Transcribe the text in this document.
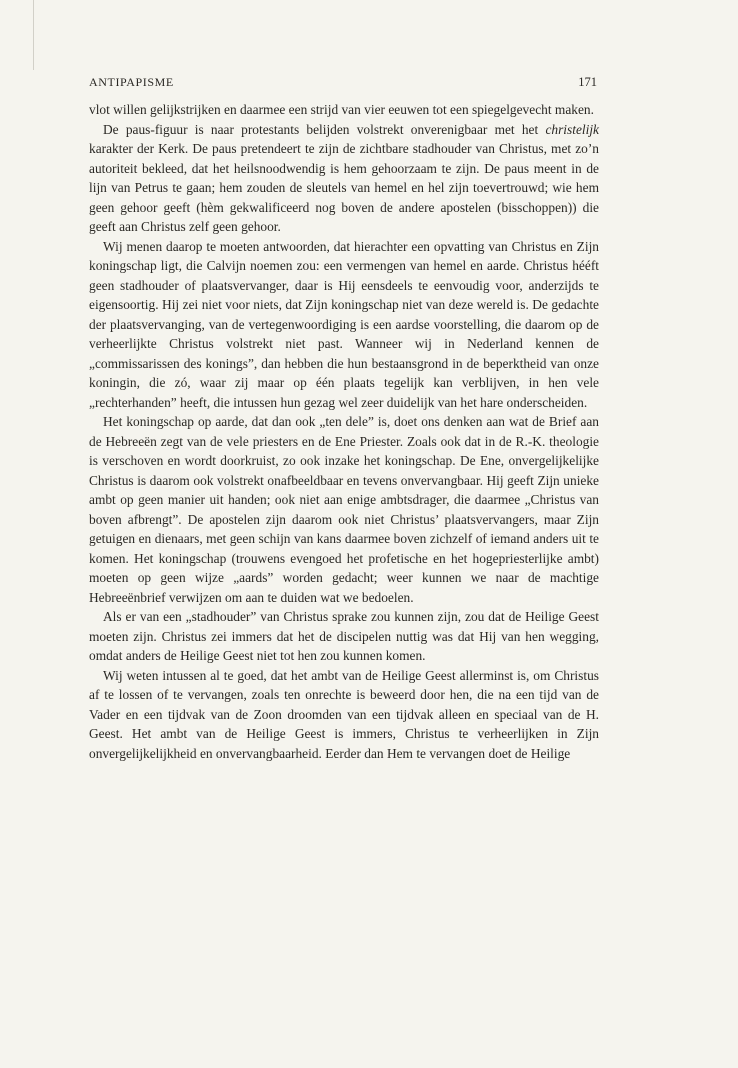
ANTIPAPISME	171

vlot willen gelijkstrijken en daarmee een strijd van vier eeuwen tot een spiegelgevecht maken.

De paus-figuur is naar protestants belijden volstrekt onverenigbaar met het christelijk karakter der Kerk. De paus pretendeert te zijn de zichtbare stadhouder van Christus, met zo’n autoriteit bekleed, dat het heilsnoodwendig is hem gehoorzaam te zijn. De paus meent in de lijn van Petrus te gaan; hem zouden de sleutels van hemel en hel zijn toevertrouwd; wie hem geen gehoor geeft (hèm gekwalificeerd nog boven de andere apostelen (bisschoppen)) die geeft aan Christus zelf geen gehoor.

Wij menen daarop te moeten antwoorden, dat hierachter een opvatting van Christus en Zijn koningschap ligt, die Calvijn noemen zou: een vermengen van hemel en aarde. Christus hééft geen stadhouder of plaatsvervanger, daar is Hij eensdeels te eenvoudig voor, anderzijds te eigensoortig. Hij zei niet voor niets, dat Zijn koningschap niet van deze wereld is. De gedachte der plaatsvervanging, van de vertegenwoordiging is een aardse voorstelling, die daarom op de verheerlijkte Christus volstrekt niet past. Wanneer wij in Nederland kennen de „commissarissen des konings”, dan hebben die hun bestaansgrond in de beperktheid van onze koningin, die zó, waar zij maar op één plaats tegelijk kan verblijven, in hen vele „rechterhanden” heeft, die intussen hun gezag wel zeer duidelijk van het hare onderscheiden.

Het koningschap op aarde, dat dan ook „ten dele” is, doet ons denken aan wat de Brief aan de Hebreeën zegt van de vele priesters en de Ene Priester. Zoals ook dat in de R.-K. theologie is verschoven en wordt doorkruist, zo ook inzake het koningschap. De Ene, onvergelijkelijke Christus is daarom ook volstrekt onafbeeldbaar en tevens onvervangbaar. Hij geeft Zijn unieke ambt op geen manier uit handen; ook niet aan enige ambtsdrager, die daarmee „Christus van boven afbrengt”. De apostelen zijn daarom ook niet Christus’ plaatsvervangers, maar Zijn getuigen en dienaars, met geen schijn van kans daarmee boven zichzelf of iemand anders uit te komen. Het koningschap (trouwens evengoed het profetische en het hogepriesterlijke ambt) moeten op geen wijze „aards” worden gedacht; weer kunnen we naar de machtige Hebreeënbrief verwijzen om aan te duiden wat we bedoelen.

Als er van een „stadhouder” van Christus sprake zou kunnen zijn, zou dat de Heilige Geest moeten zijn. Christus zei immers dat het de discipelen nuttig was dat Hij van hen wegging, omdat anders de Heilige Geest niet tot hen zou kunnen komen.

Wij weten intussen al te goed, dat het ambt van de Heilige Geest allerminst is, om Christus af te lossen of te vervangen, zoals ten onrechte is beweerd door hen, die na een tijd van de Vader en een tijdvak van de Zoon droomden van een tijdvak alleen en speciaal van de H. Geest. Het ambt van de Heilige Geest is immers, Christus te verheerlijken in Zijn onvergelijkelijkheid en onvervangbaarheid. Eerder dan Hem te vervangen doet de Heilige
